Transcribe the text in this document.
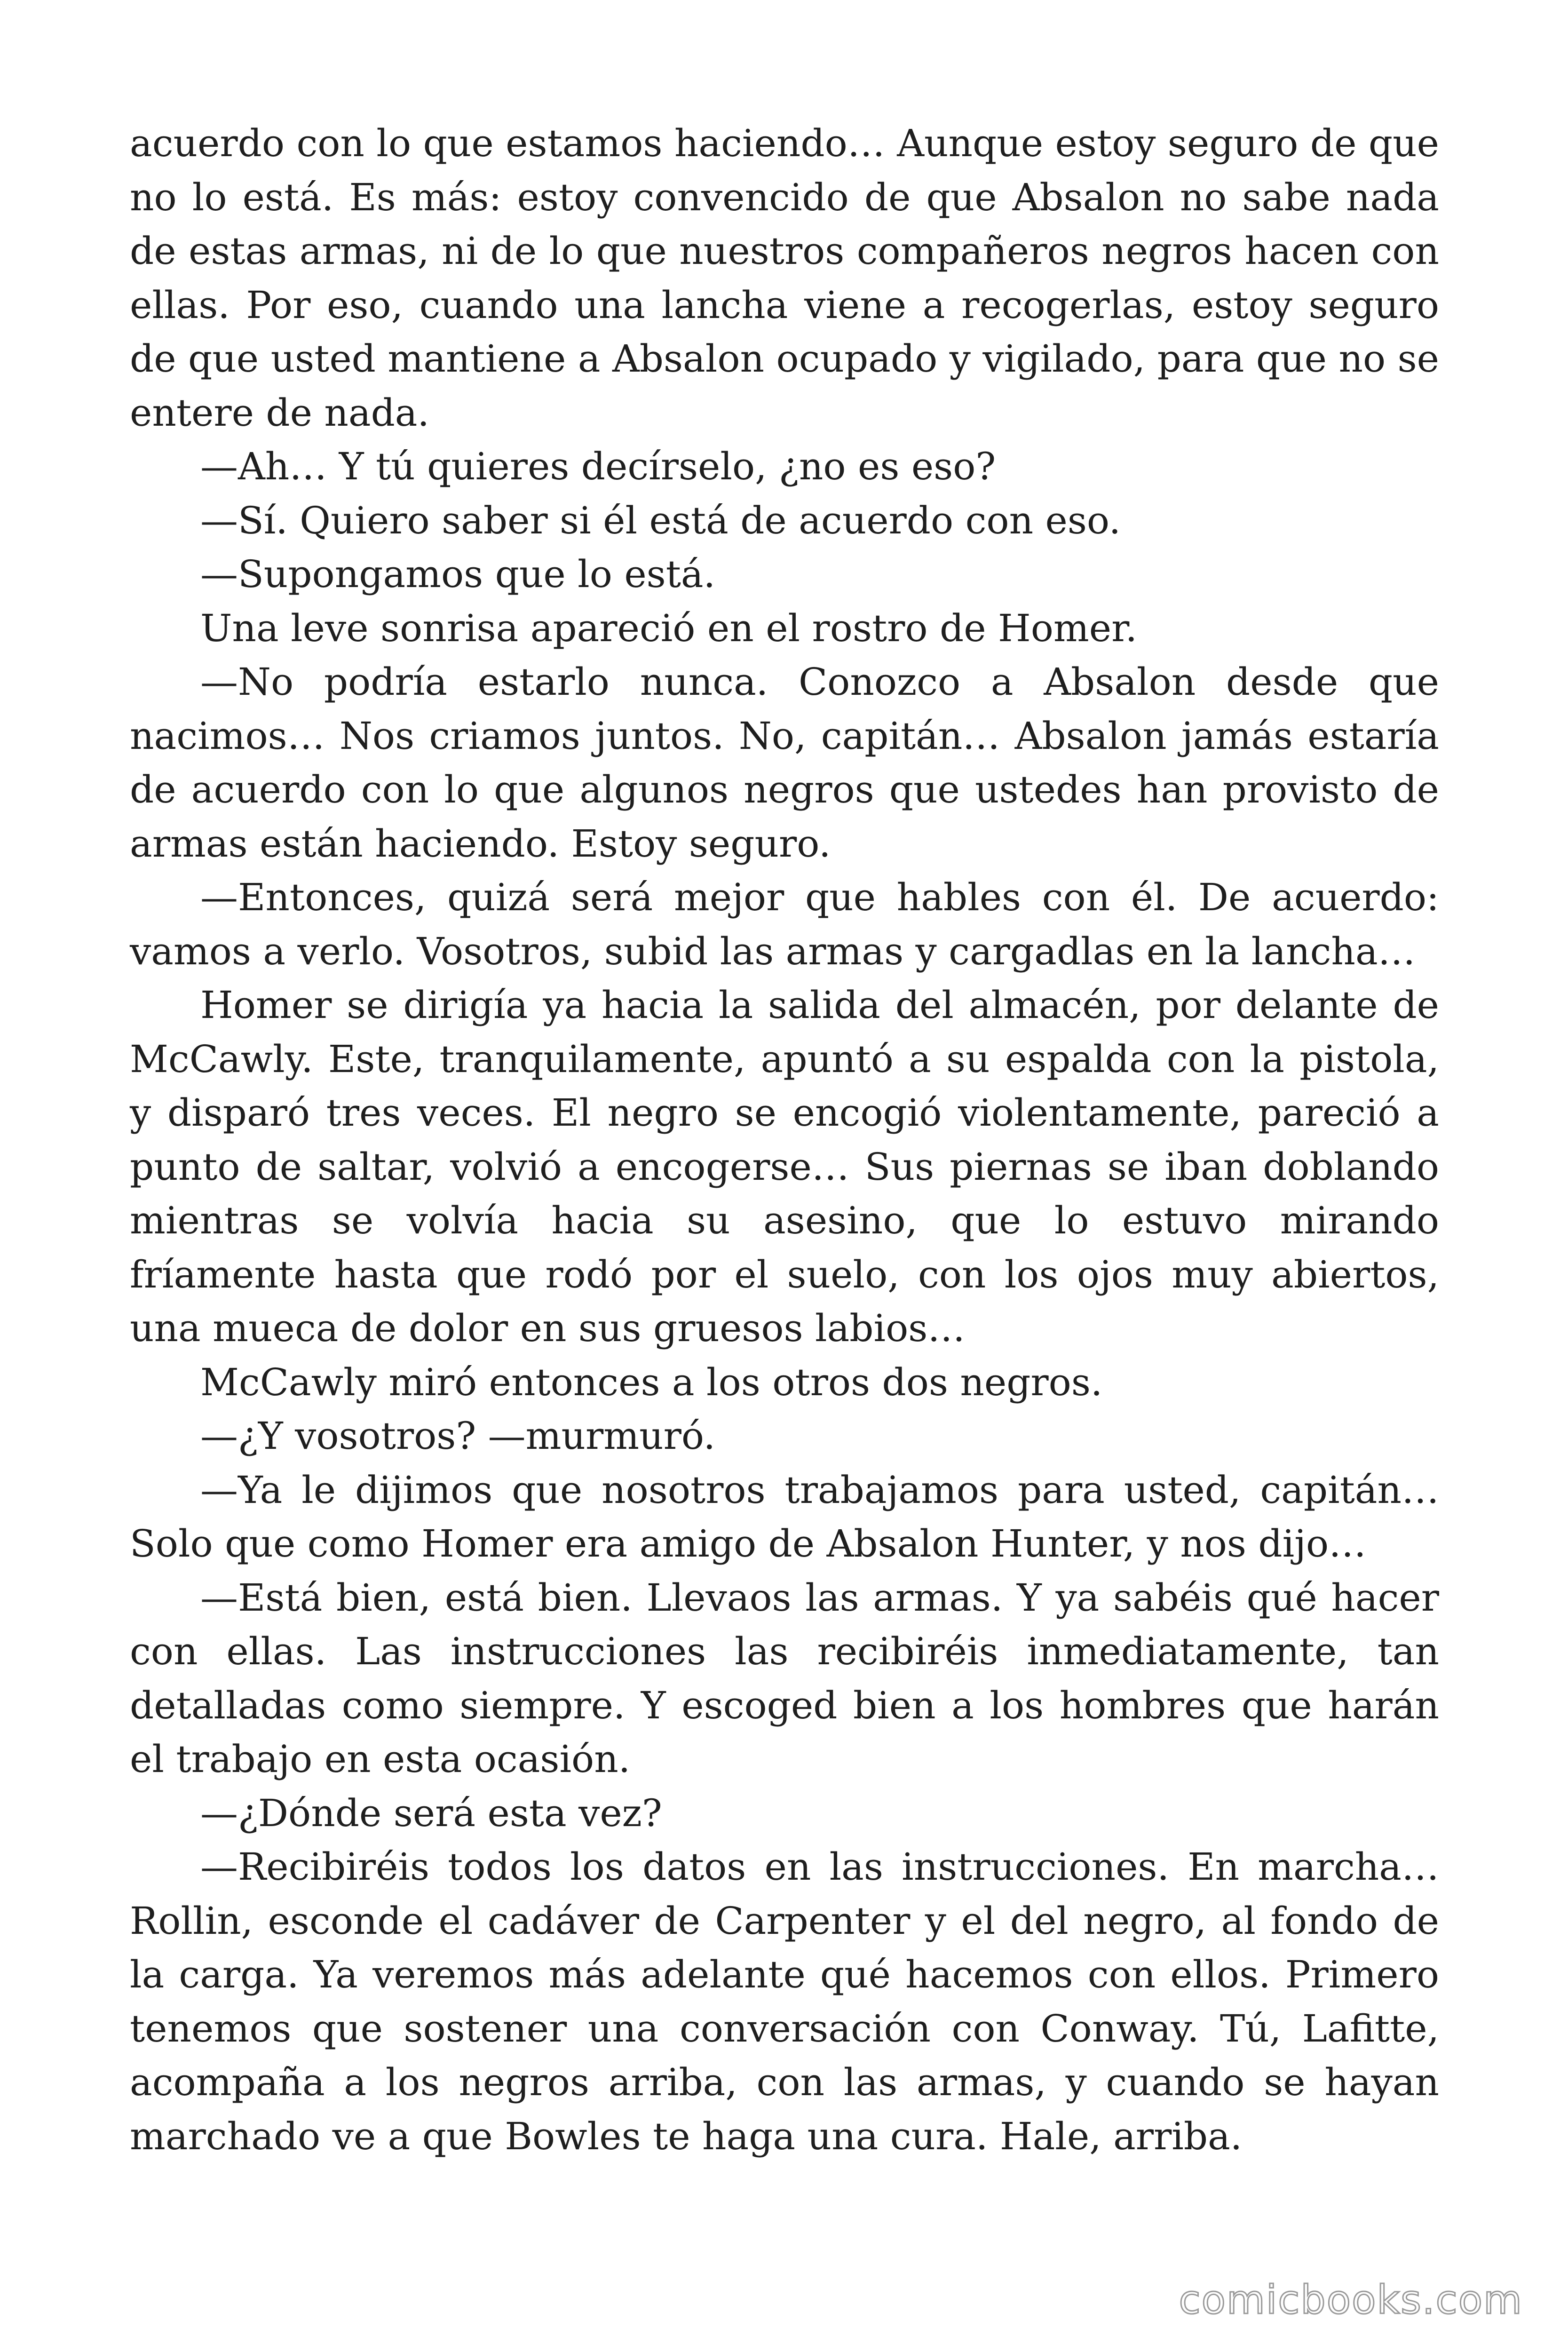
acuerdo con lo que estamos haciendo… Aunque estoy seguro de que no lo está. Es más: estoy convencido de que Absalon no sabe nada de estas armas, ni de lo que nuestros compañeros negros hacen con ellas. Por eso, cuando una lancha viene a recogerlas, estoy seguro de que usted mantiene a Absalon ocupado y vigilado, para que no se entere de nada.

—Ah… Y tú quieres decírselo, ¿no es eso?

—Sí. Quiero saber si él está de acuerdo con eso.

—Supongamos que lo está.

Una leve sonrisa apareció en el rostro de Homer.

—No podría estarlo nunca. Conozco a Absalon desde que nacimos… Nos criamos juntos. No, capitán… Absalon jamás estaría de acuerdo con lo que algunos negros que ustedes han provisto de armas están haciendo. Estoy seguro.

—Entonces, quizá será mejor que hables con él. De acuerdo: vamos a verlo. Vosotros, subid las armas y cargadlas en la lancha…

Homer se dirigía ya hacia la salida del almacén, por delante de McCawly. Este, tranquilamente, apuntó a su espalda con la pistola, y disparó tres veces. El negro se encogió violentamente, pareció a punto de saltar, volvió a encogerse… Sus piernas se iban doblando mientras se volvía hacia su asesino, que lo estuvo mirando fríamente hasta que rodó por el suelo, con los ojos muy abiertos, una mueca de dolor en sus gruesos labios…

McCawly miró entonces a los otros dos negros.

—¿Y vosotros? —murmuró.

—Ya le dijimos que nosotros trabajamos para usted, capitán… Solo que como Homer era amigo de Absalon Hunter, y nos dijo…

—Está bien, está bien. Llevaos las armas. Y ya sabéis qué hacer con ellas. Las instrucciones las recibiréis inmediatamente, tan detalladas como siempre. Y escoged bien a los hombres que harán el trabajo en esta ocasión.

—¿Dónde será esta vez?

—Recibiréis todos los datos en las instrucciones. En marcha… Rollin, esconde el cadáver de Carpenter y el del negro, al fondo de la carga. Ya veremos más adelante qué hacemos con ellos. Primero tenemos que sostener una conversación con Conway. Tú, Lafitte, acompaña a los negros arriba, con las armas, y cuando se hayan marchado ve a que Bowles te haga una cura. Hale, arriba.

comicbooks.com
